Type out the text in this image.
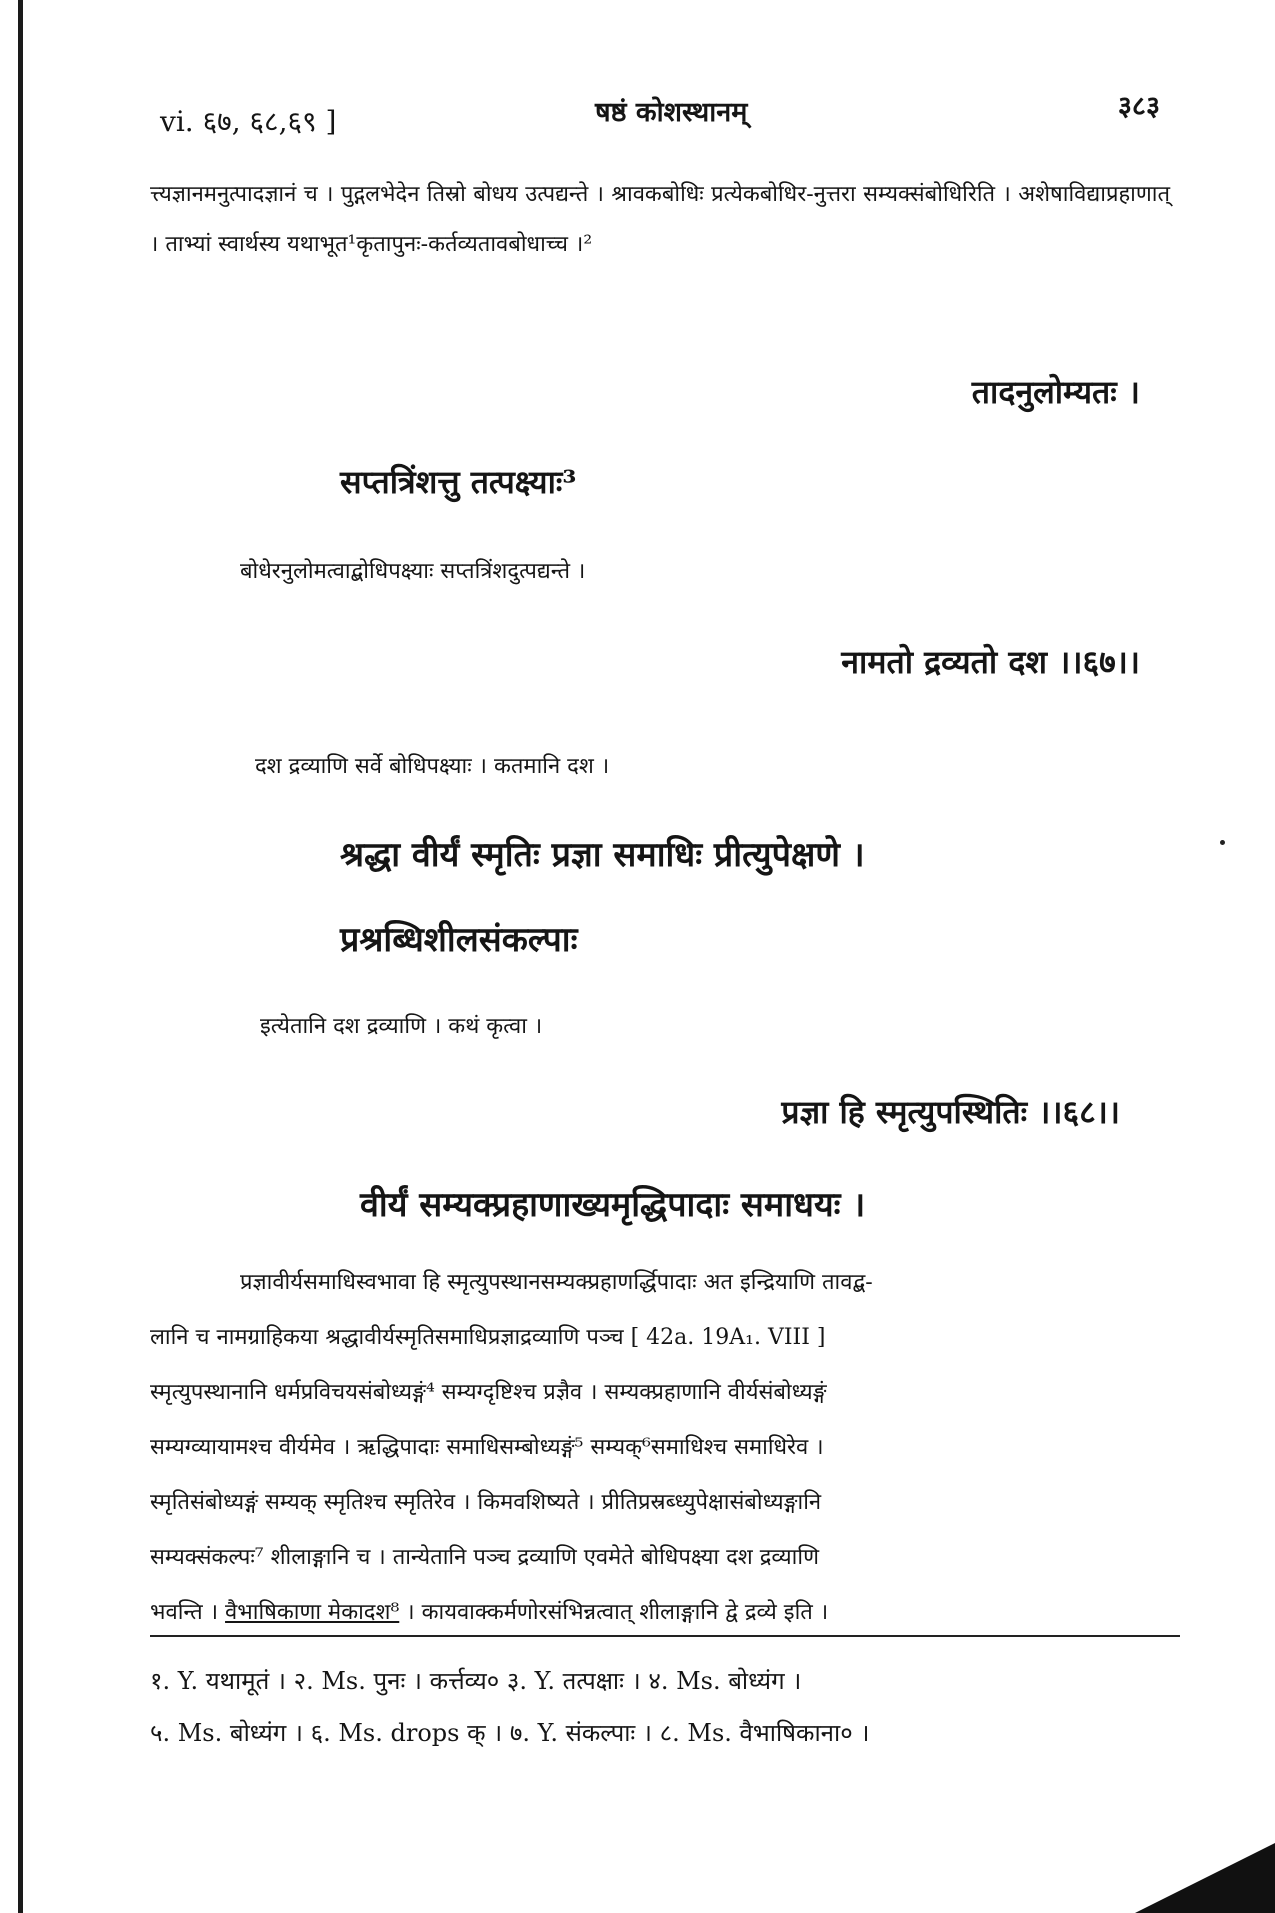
vi. ६७, ६८,६९ ]	षष्ठं कोशस्थानम्	३८३

त्त्यज्ञानमनुत्पादज्ञानं च । पुद्गलभेदेन तिस्रो बोधय उत्पद्यन्ते । श्रावकबोधिः प्रत्येकबोधिर-नुत्तरा सम्यक्संबोधिरिति । अशेषाविद्याप्रहाणात् । ताभ्यां स्वार्थस्य यथाभूत¹कृतापुनः-कर्तव्यतावबोधाच्च ।²

तादनुलोम्यतः ।
सप्तत्रिंशत्तु तत्पक्ष्याः³
बोधेरनुलोमत्वाद्बोधिपक्ष्याः सप्तत्रिंशदुत्पद्यन्ते ।
नामतो द्रव्यतो दश ।।६७।।
दश द्रव्याणि सर्वे बोधिपक्ष्याः । कतमानि दश ।
श्रद्धा वीर्यं स्मृतिः प्रज्ञा समाधिः प्रीत्युपेक्षणे ।
प्रश्रब्धिशीलसंकल्पाः
इत्येतानि दश द्रव्याणि । कथं कृत्वा ।
प्रज्ञा हि स्मृत्युपस्थितिः ।।६८।।
वीर्यं सम्यक्प्रहाणाख्यमृद्धिपादाः समाधयः ।
प्रज्ञावीर्यसमाधिस्वभावा हि स्मृत्युपस्थानसम्यक्प्रहाणर्द्धिपादाः अत इन्द्रियाणि तावद्ब-
लानि च नामग्राहिकया श्रद्धावीर्यस्मृतिसमाधिप्रज्ञाद्रव्याणि पञ्च [ 42a. 19A₁. VIII ]
स्मृत्युपस्थानानि धर्मप्रविचयसंबोध्यङ्गं⁴ सम्यग्दृष्टिश्च प्रज्ञैव । सम्यक्प्रहाणानि वीर्यसंबोध्यङ्गं
सम्यग्व्यायामश्च वीर्यमेव । ऋद्धिपादाः समाधिसम्बोध्यङ्गं⁵ सम्यक्⁶समाधिश्च समाधिरेव ।
स्मृतिसंबोध्यङ्गं सम्यक् स्मृतिश्च स्मृतिरेव । किमवशिष्यते । प्रीतिप्रस्रब्ध्युपेक्षासंबोध्यङ्गानि
सम्यक्संकल्पः⁷ शीलाङ्गानि च । तान्येतानि पञ्च द्रव्याणि एवमेते बोधिपक्ष्या दश द्रव्याणि
भवन्ति । वैभाषिकाणा मेकादश⁸ । कायवाक्कर्मणोरसंभिन्नत्वात् शीलाङ्गानि द्वे द्रव्ये इति ।
१. Y. यथामूतं । २. Ms. पुनः । कर्त्तव्य० ३. Y. तत्पक्षाः । ४. Ms. बोध्यंग ।
५. Ms. बोध्यंग । ६. Ms. drops क् । ७. Y. संकल्पाः । ८. Ms. वैभाषिकाना० ।
